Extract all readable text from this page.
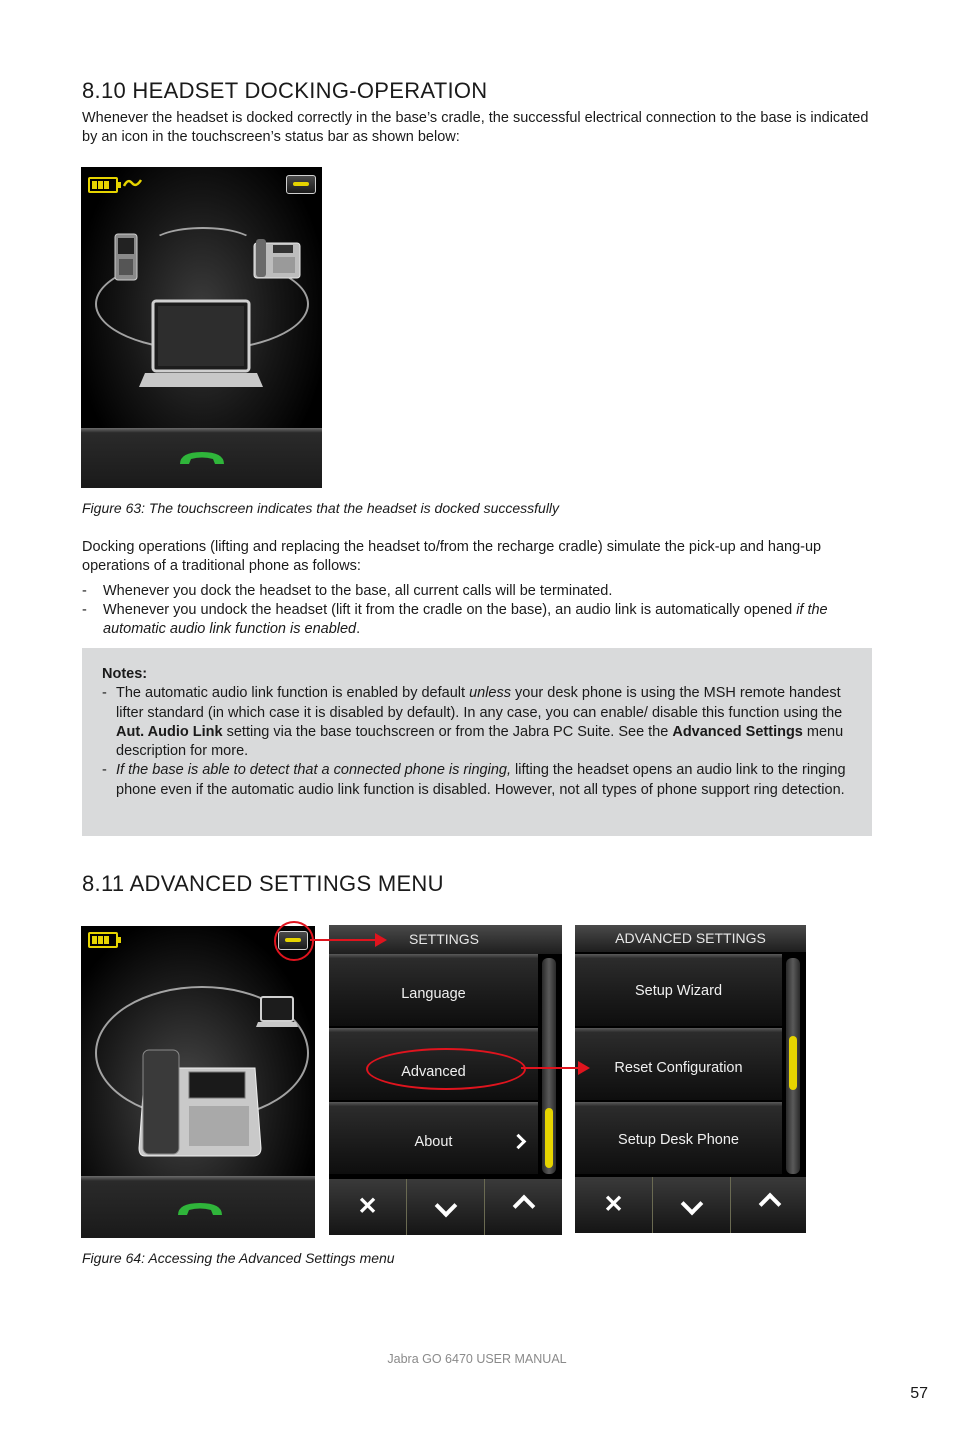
8.10 HEADSET DOCKING-OPERATION

Whenever the headset is docked correctly in the base’s cradle, the successful electrical connection to the base is indicated by an icon in the touchscreen’s status bar as shown below:

Figure 63: The touchscreen indicates that the headset is docked successfully

Docking operations (lifting and replacing the headset to/from the recharge cradle) simulate the pick-up and hang-up operations of a traditional phone as follows:

- Whenever you dock the headset to the base, all current calls will be terminated.
- Whenever you undock the headset (lift it from the cradle on the base), an audio link is automatically opened if the automatic audio link function is enabled.
Notes:
- The automatic audio link function is enabled by default unless your desk phone is using the MSH remote handest lifter standard (in which case it is disabled by default). In any case, you can enable/ disable this function using the Aut. Audio Link setting via the base touchscreen or from the Jabra PC Suite. See the Advanced Settings menu description for more.
- If the base is able to detect that a connected phone is ringing, lifting the headset opens an audio link to the ringing phone even if the automatic audio link function is disabled. However, not all types of phone support ring detection.
8.11 ADVANCED SETTINGS MENU
SETTINGS
Language
Advanced
About
✕
ADVANCED SETTINGS
Setup Wizard
Reset Configuration
Setup Desk Phone
✕
Figure 64: Accessing the Advanced Settings menu
Jabra GO 6470 USER MANUAL
57
